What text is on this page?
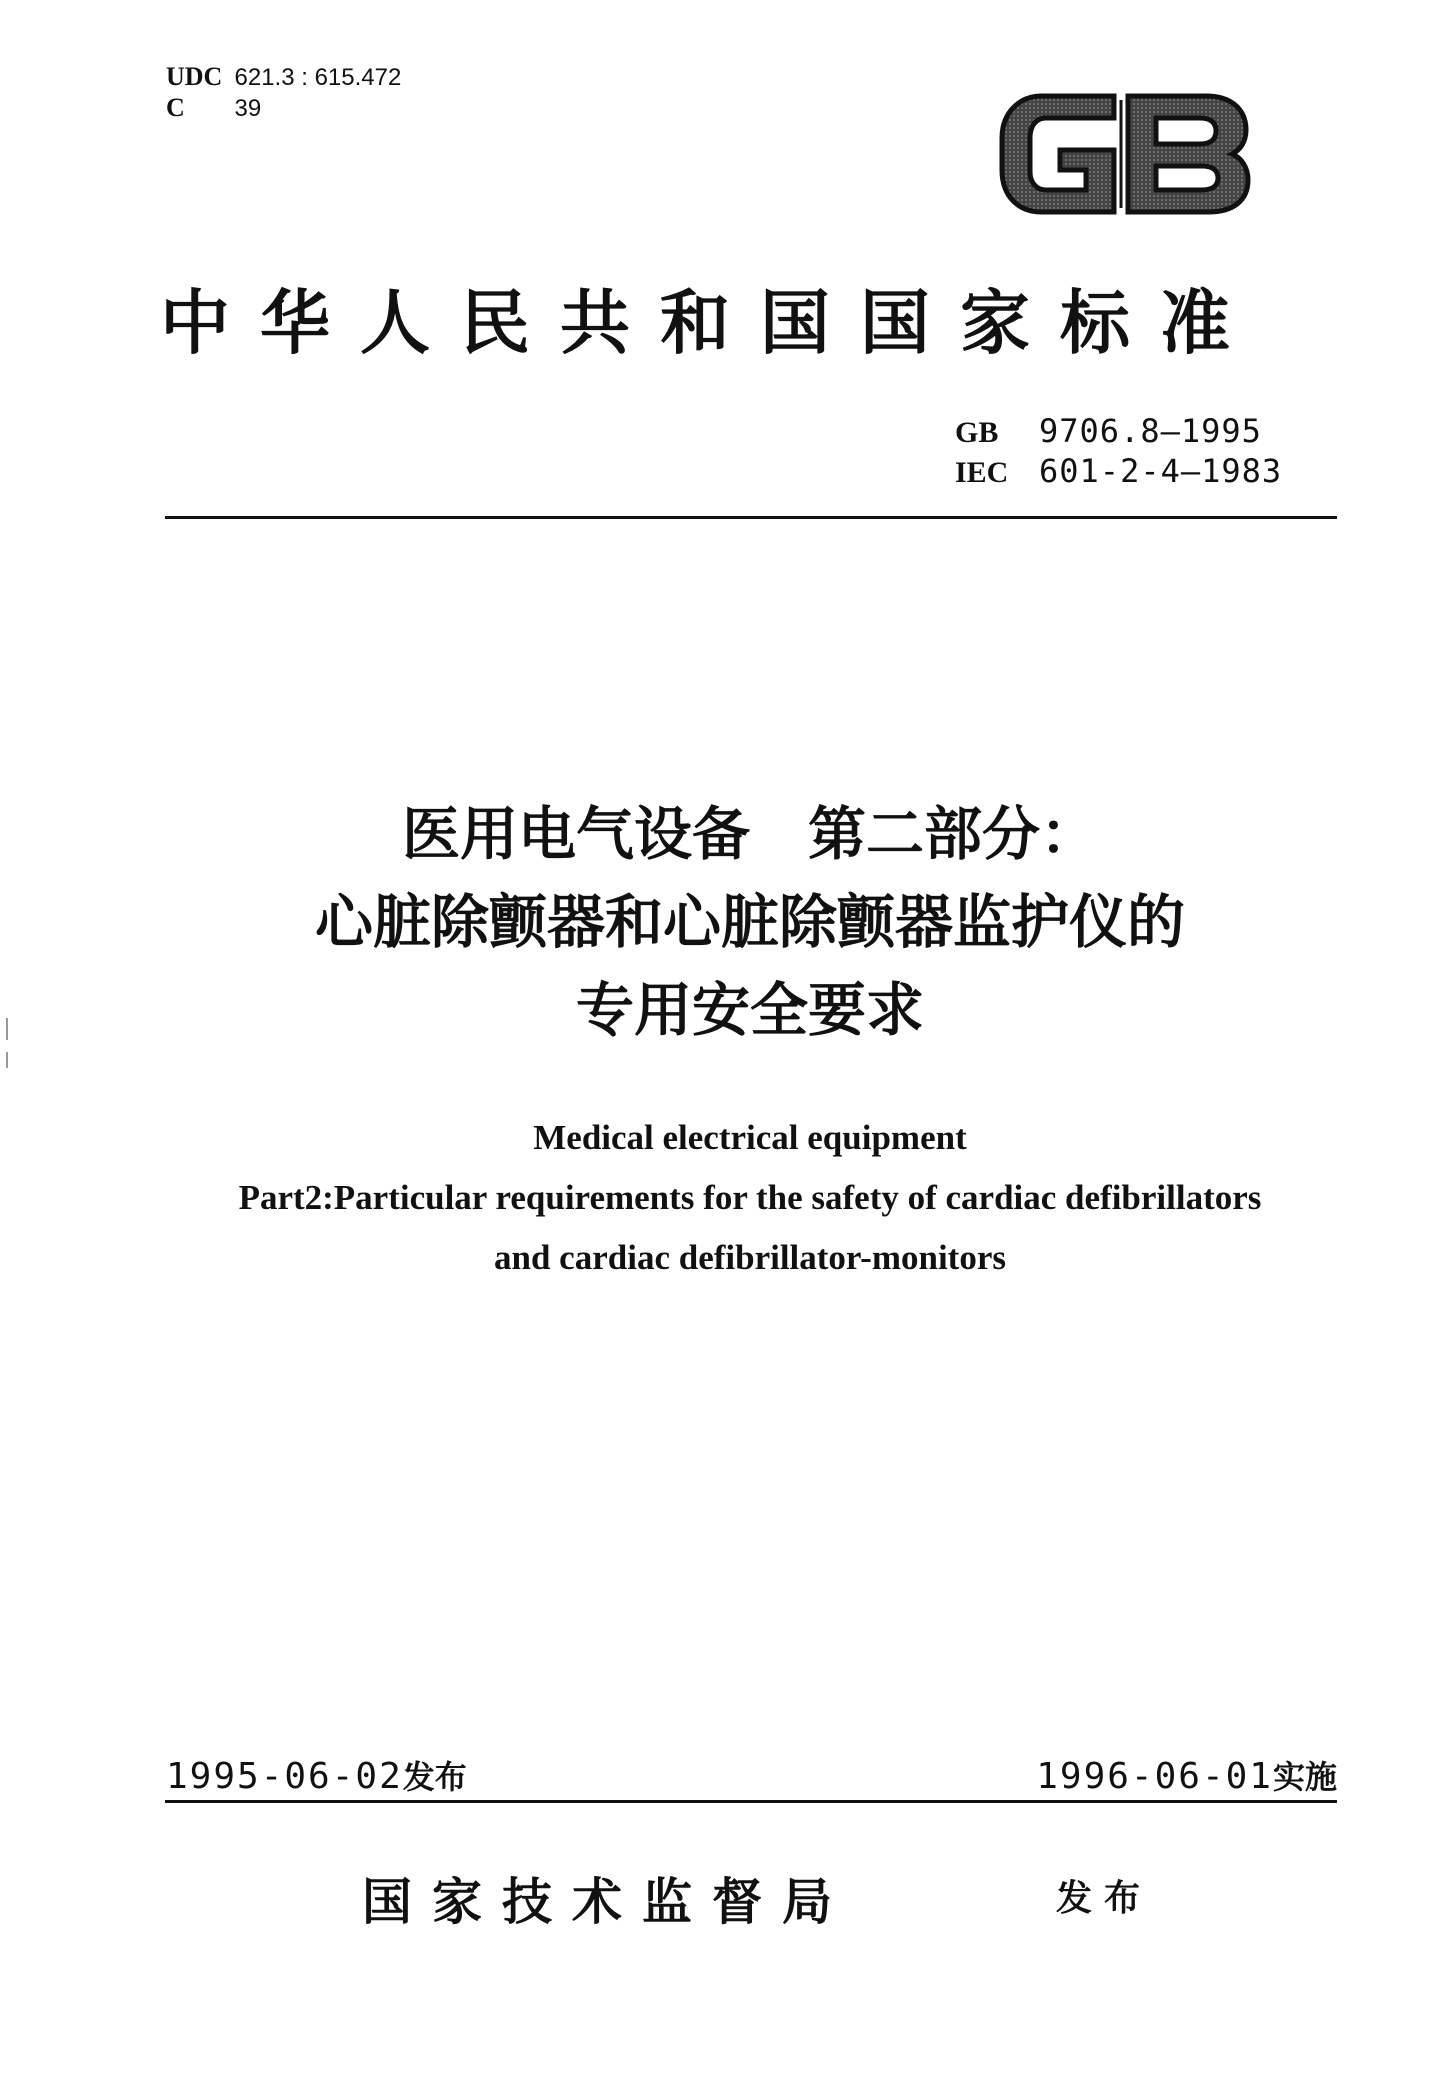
UDC 621.3 : 615.472
C 39
中华人民共和国国家标准
GB 9706.8—1995
IEC 601-2-4—1983
医用电气设备　第二部分：
心脏除颤器和心脏除颤器监护仪的
专用安全要求
Medical electrical equipment
Part2:Particular requirements for the safety of cardiac defibrillators
and cardiac defibrillator-monitors
1995-06-02发布	1996-06-01实施
国家技术监督局	发布
